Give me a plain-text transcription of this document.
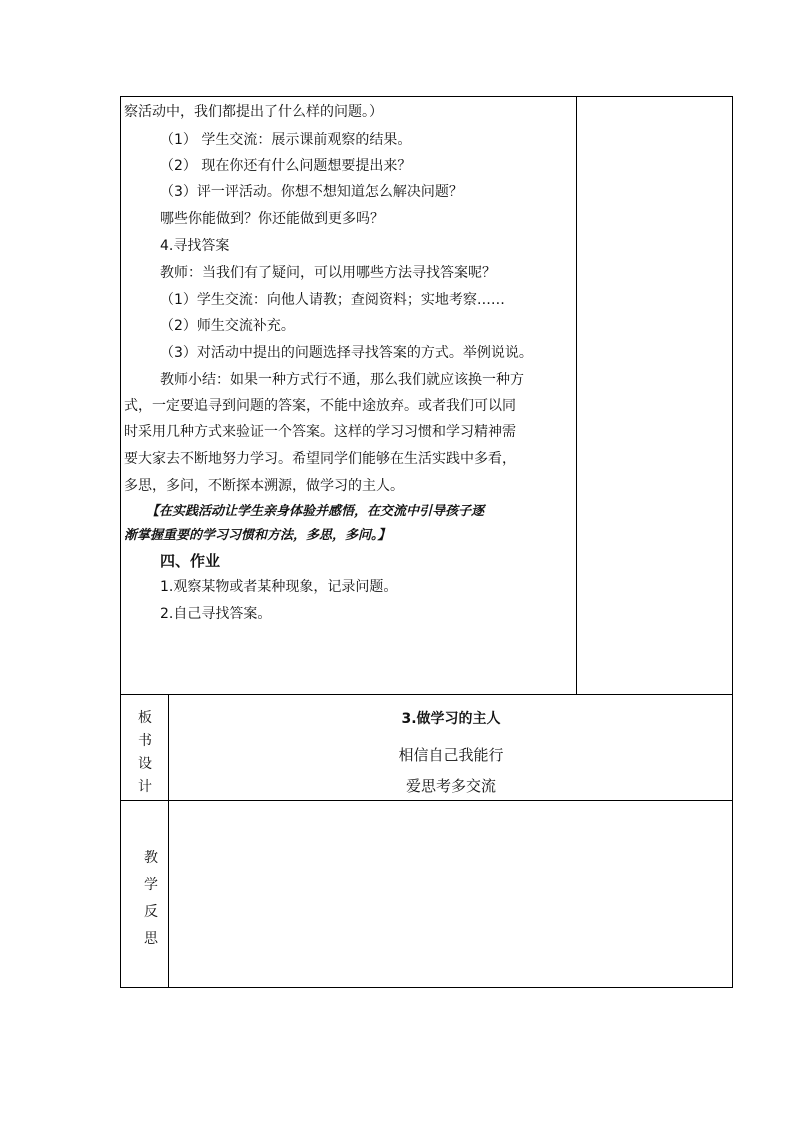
察活动中，我们都提出了什么样的问题。）
（1） 学生交流：展示课前观察的结果。
（2） 现在你还有什么问题想要提出来？
（3）评一评活动。你想不想知道怎么解决问题？
哪些你能做到？你还能做到更多吗？
4.寻找答案
教师：当我们有了疑问，可以用哪些方法寻找答案呢？
（1）学生交流：向他人请教；查阅资料；实地考察……
（2）师生交流补充。
（3）对活动中提出的问题选择寻找答案的方式。举例说说。
教师小结：如果一种方式行不通，那么我们就应该换一种方
式，一定要追寻到问题的答案，不能中途放弃。或者我们可以同
时采用几种方式来验证一个答案。这样的学习习惯和学习精神需
要大家去不断地努力学习。希望同学们能够在生活实践中多看，
多思，多问，不断探本溯源，做学习的主人。
【在实践活动让学生亲身体验并感悟，在交流中引导孩子逐
渐掌握重要的学习习惯和方法，多思，多问。】
四、作业
1.观察某物或者某种现象，记录问题。
2.自己寻找答案。
板
书
设
计
3.做学习的主人
相信自己我能行
爱思考多交流
教
学
反
思
